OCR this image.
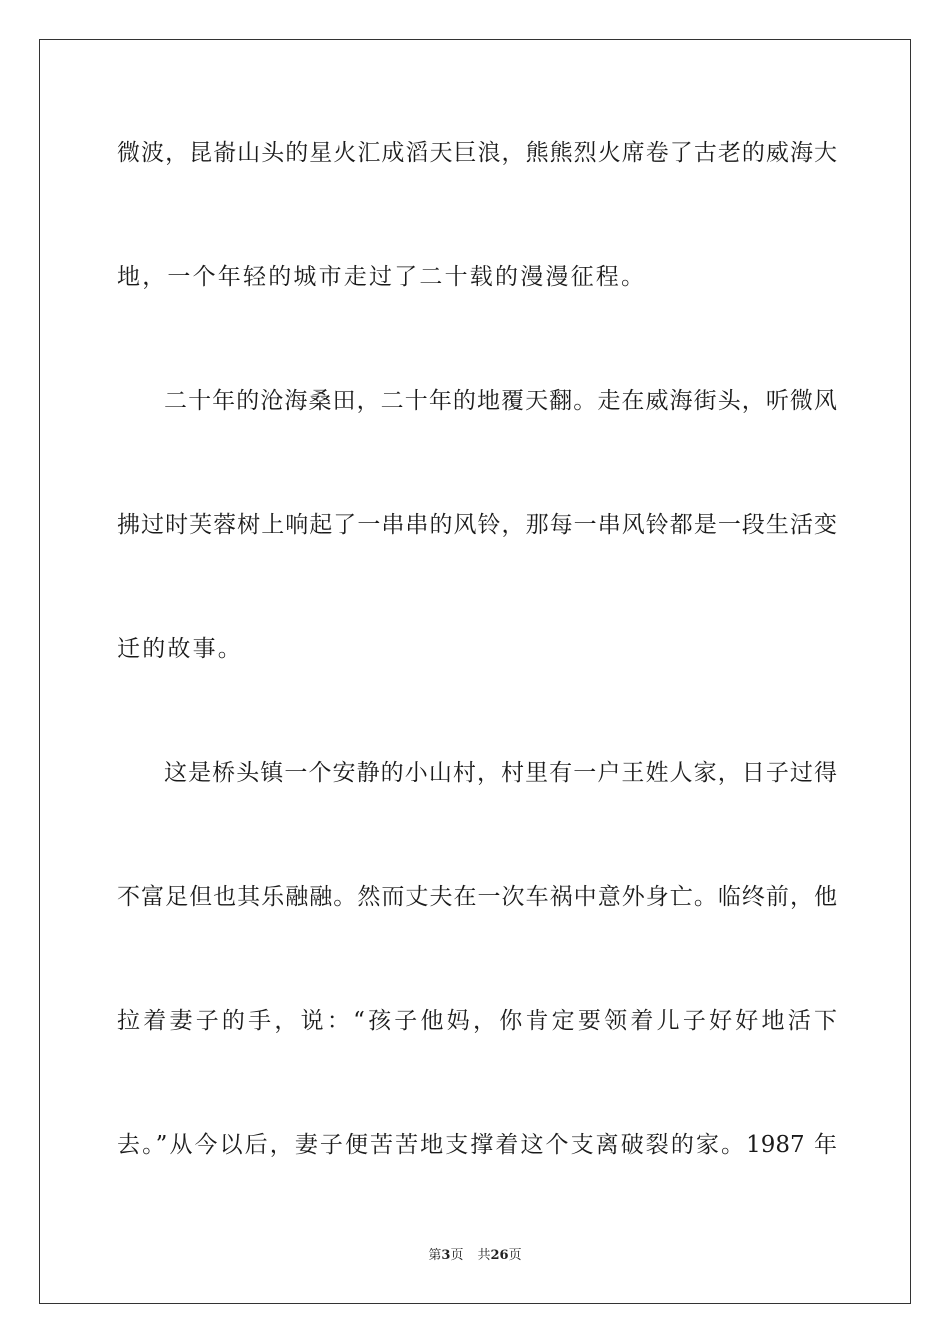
微波，昆嵛山头的星火汇成滔天巨浪，熊熊烈火席卷了古老的威海大
地，一个年轻的城市走过了二十载的漫漫征程。
二十年的沧海桑田，二十年的地覆天翻。走在威海街头，听微风
拂过时芙蓉树上响起了一串串的风铃，那每一串风铃都是一段生活变
迁的故事。
这是桥头镇一个安静的小山村，村里有一户王姓人家，日子过得
不富足但也其乐融融。然而丈夫在一次车祸中意外身亡。临终前，他
拉着妻子的手，说：“孩子他妈，你肯定要领着儿子好好地活下
去。”从今以后，妻子便苦苦地支撑着这个支离破裂的家。1987 年
第3页 共26页
